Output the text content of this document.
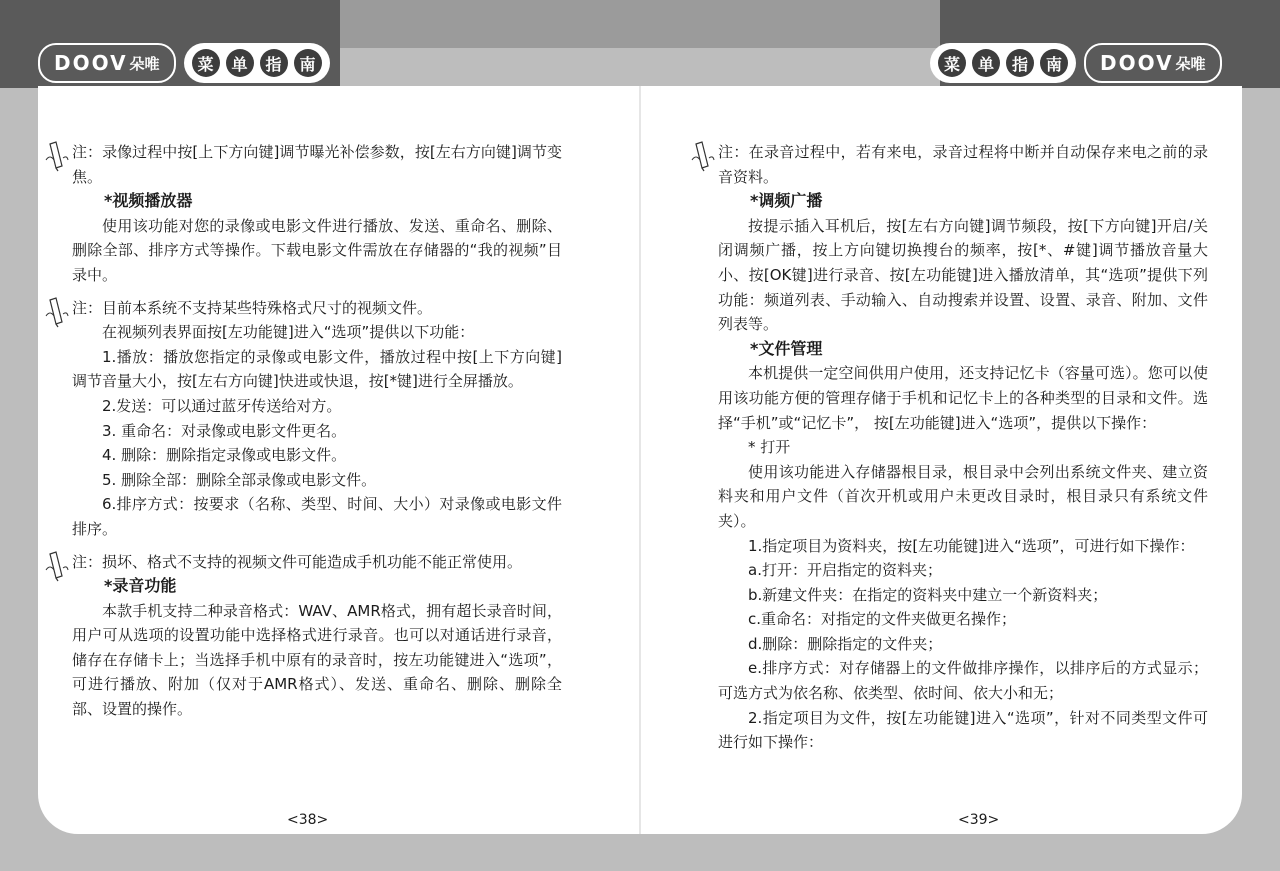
DOOV 朵唯	菜	单	指	南	菜	单	指	南	DOOV 朵唯

注：录像过程中按[上下方向键]调节曝光补偿参数，按[左右方向键]调节变焦。

*视频播放器

使用该功能对您的录像或电影文件进行播放、发送、重命名、删除、删除全部、排序方式等操作。下载电影文件需放在存储器的“我的视频”目录中。

注：目前本系统不支持某些特殊格式尺寸的视频文件。

在视频列表界面按[左功能键]进入“选项”提供以下功能：

1.播放：播放您指定的录像或电影文件，播放过程中按[上下方向键]调节音量大小，按[左右方向键]快进或快退，按[*键]进行全屏播放。

2.发送：可以通过蓝牙传送给对方。

3. 重命名：对录像或电影文件更名。

4. 删除：删除指定录像或电影文件。

5. 删除全部：删除全部录像或电影文件。

6.排序方式：按要求（名称、类型、时间、大小）对录像或电影文件排序。

注：损坏、格式不支持的视频文件可能造成手机功能不能正常使用。

*录音功能

本款手机支持二种录音格式：WAV、AMR格式，拥有超长录音时间，用户可从选项的设置功能中选择格式进行录音。也可以对通话进行录音，储存在存储卡上；当选择手机中原有的录音时，按左功能键进入“选项”，可进行播放、附加（仅对于AMR格式）、发送、重命名、删除、删除全部、设置的操作。

<38>

注：在录音过程中，若有来电，录音过程将中断并自动保存来电之前的录音资料。

*调频广播

按提示插入耳机后，按[左右方向键]调节频段，按[下方向键]开启/关闭调频广播，按上方向键切换搜台的频率，按[*、#键]调节播放音量大小、按[OK键]进行录音、按[左功能键]进入播放清单，其“选项”提供下列功能：频道列表、手动输入、自动搜索并设置、设置、录音、附加、文件列表等。

*文件管理

本机提供一定空间供用户使用，还支持记忆卡（容量可选）。您可以使用该功能方便的管理存储于手机和记忆卡上的各种类型的目录和文件。选择“手机”或“记忆卡”， 按[左功能键]进入“选项”，提供以下操作：

* 打开

使用该功能进入存储器根目录，根目录中会列出系统文件夹、建立资料夹和用户文件（首次开机或用户未更改目录时，根目录只有系统文件夹）。

1.指定项目为资料夹，按[左功能键]进入“选项”，可进行如下操作：

a.打开：开启指定的资料夹；

b.新建文件夹：在指定的资料夹中建立一个新资料夹；

c.重命名：对指定的文件夹做更名操作；

d.删除：删除指定的文件夹；

e.排序方式：对存储器上的文件做排序操作，以排序后的方式显示；可选方式为依名称、依类型、依时间、依大小和无；

2.指定项目为文件，按[左功能键]进入“选项”，针对不同类型文件可进行如下操作：

<39>
